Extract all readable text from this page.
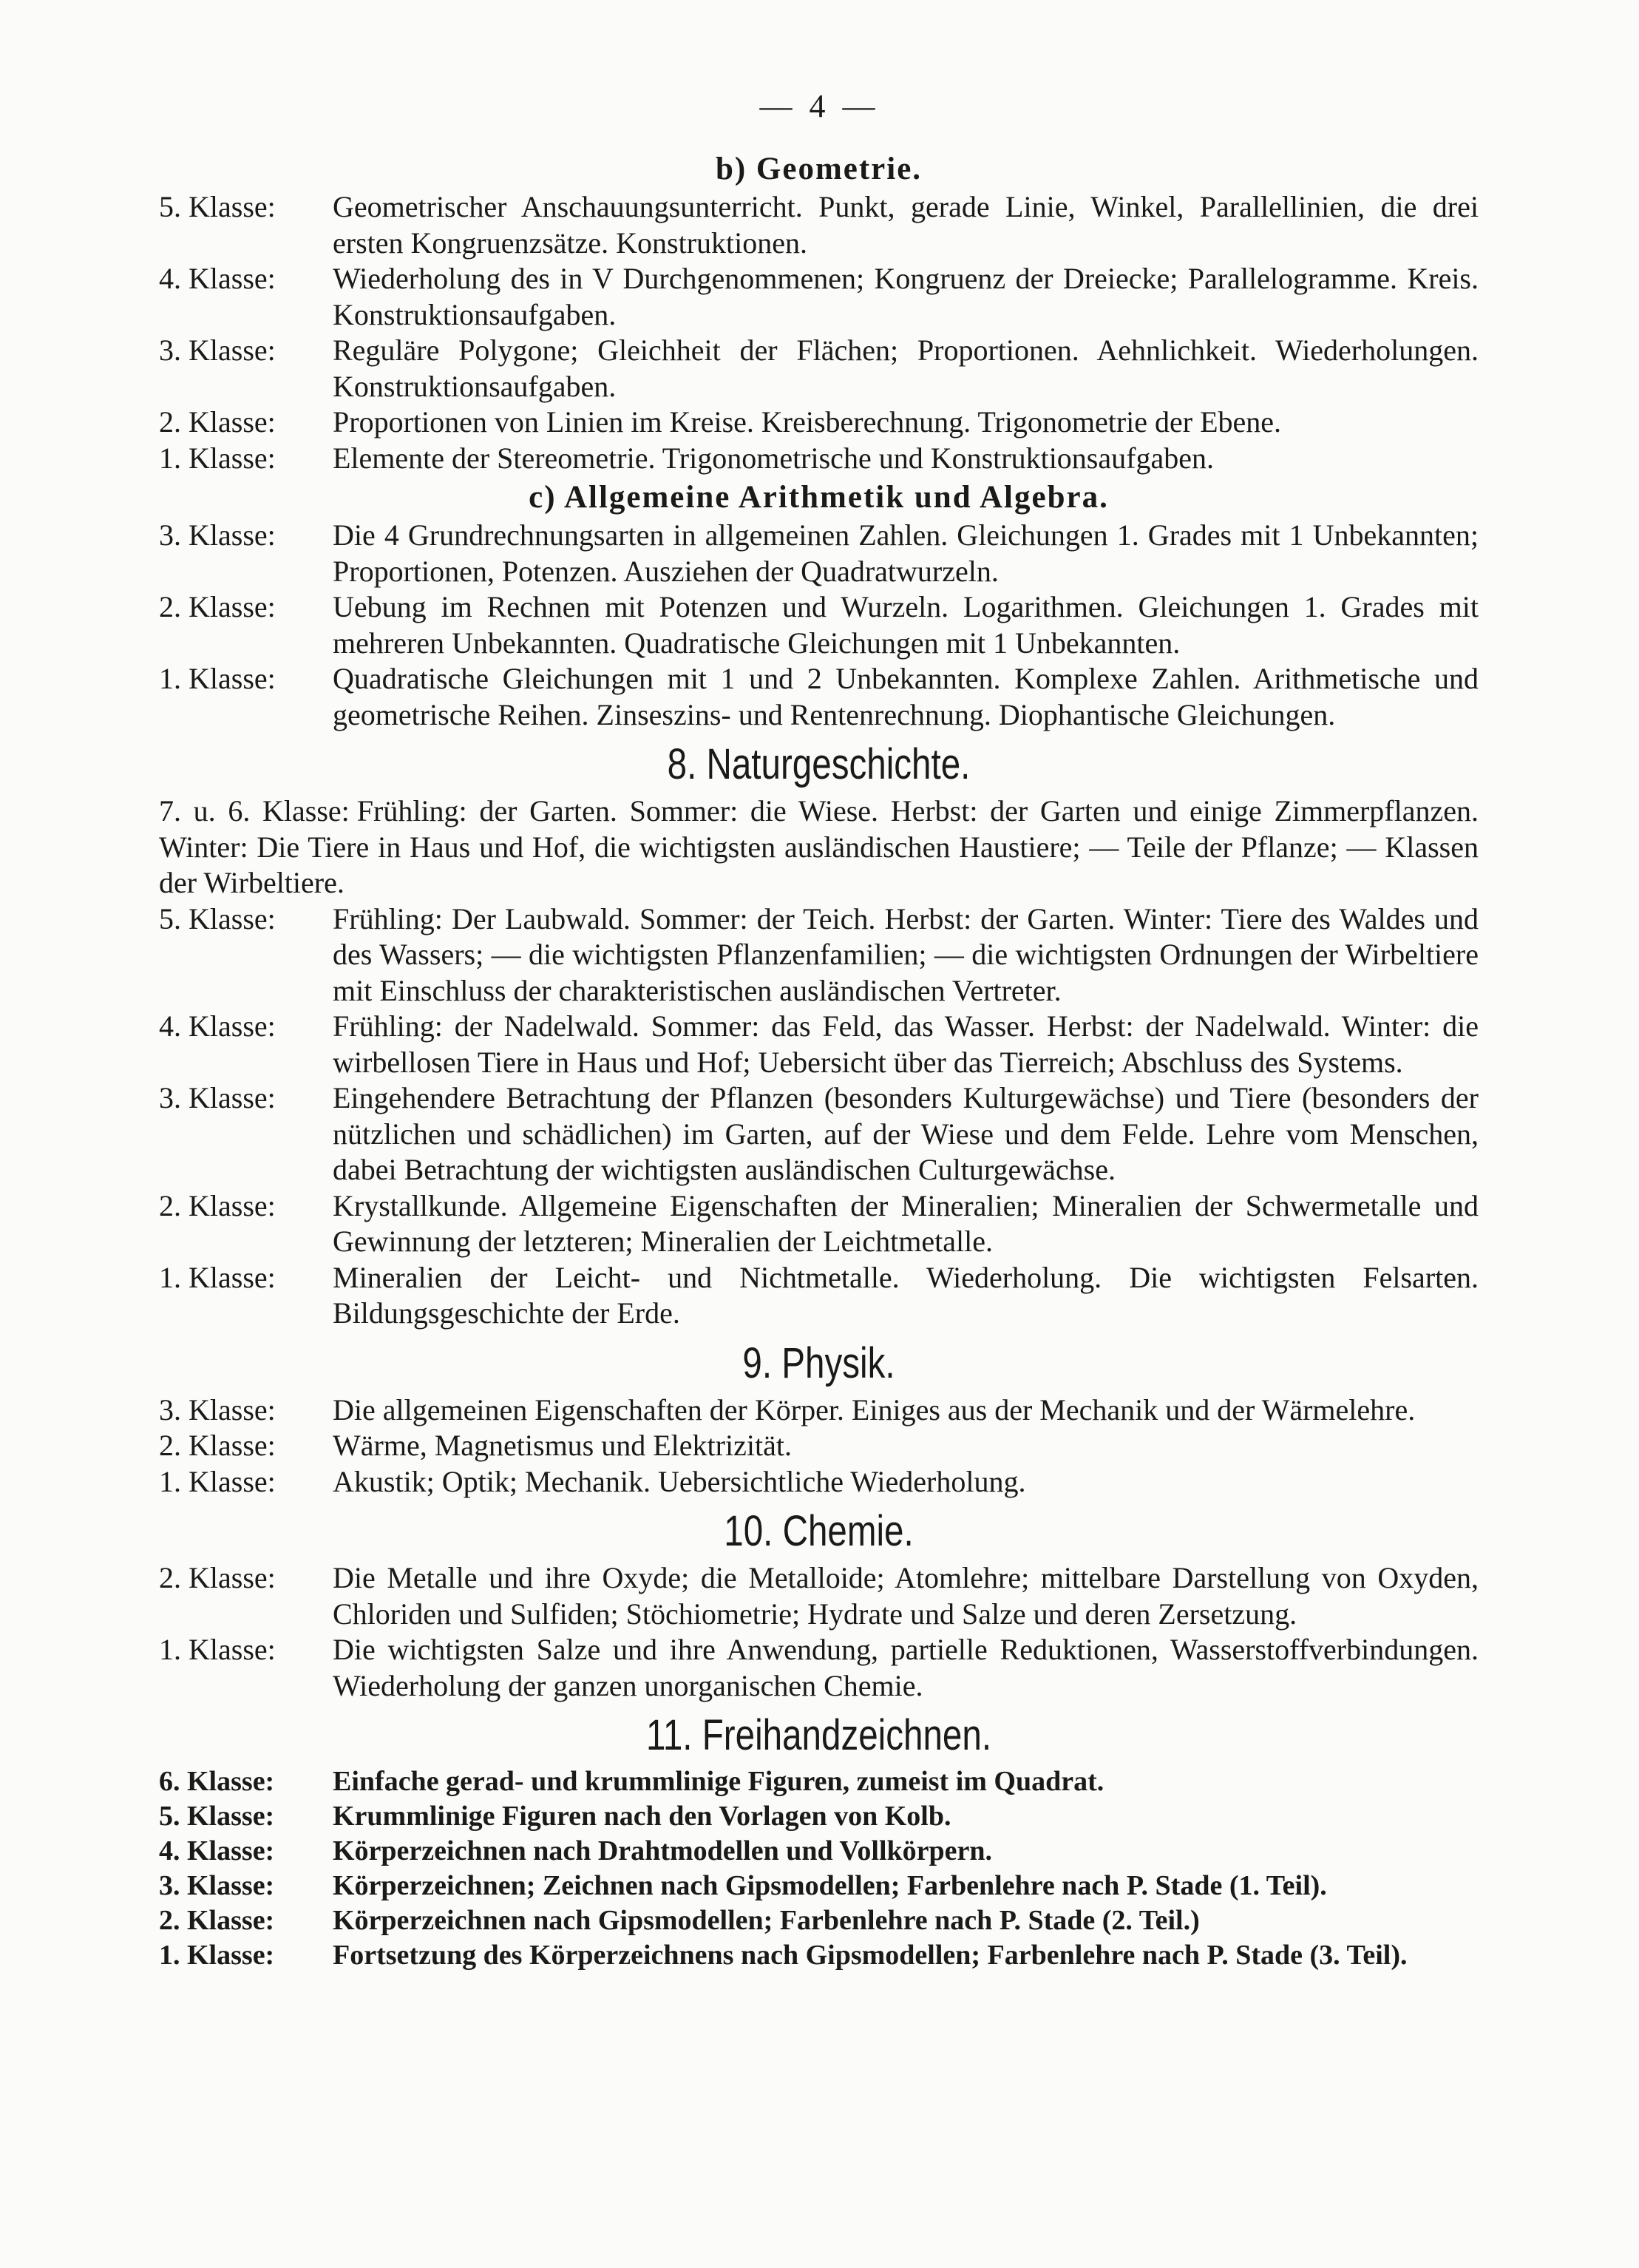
— 4 —
b) Geometrie.
5. Klasse:	Geometrischer Anschauungsunterricht. Punkt, gerade Linie, Winkel, Parallellinien, die drei ersten Kongruenzsätze. Konstruktionen.
4. Klasse:	Wiederholung des in V Durchgenommenen; Kongruenz der Dreiecke; Parallelogramme. Kreis. Konstruktionsaufgaben.
3. Klasse:	Reguläre Polygone; Gleichheit der Flächen; Proportionen. Aehnlichkeit. Wiederholungen. Konstruktionsaufgaben.
2. Klasse:	Proportionen von Linien im Kreise. Kreisberechnung. Trigonometrie der Ebene.
1. Klasse:	Elemente der Stereometrie. Trigonometrische und Konstruktionsaufgaben.
c) Allgemeine Arithmetik und Algebra.
3. Klasse:	Die 4 Grundrechnungsarten in allgemeinen Zahlen. Gleichungen 1. Grades mit 1 Unbekannten; Proportionen, Potenzen. Ausziehen der Quadratwurzeln.
2. Klasse:	Uebung im Rechnen mit Potenzen und Wurzeln. Logarithmen. Gleichungen 1. Grades mit mehreren Unbekannten. Quadratische Gleichungen mit 1 Unbekannten.
1. Klasse:	Quadratische Gleichungen mit 1 und 2 Unbekannten. Komplexe Zahlen. Arithmetische und geometrische Reihen. Zinseszins- und Rentenrechnung. Diophantische Gleichungen.
8. Naturgeschichte.
7. u. 6. Klasse: Frühling: der Garten. Sommer: die Wiese. Herbst: der Garten und einige Zimmerpflanzen. Winter: Die Tiere in Haus und Hof, die wichtigsten ausländischen Haustiere; — Teile der Pflanze; — Klassen der Wirbeltiere.
5. Klasse:	Frühling: Der Laubwald. Sommer: der Teich. Herbst: der Garten. Winter: Tiere des Waldes und des Wassers; — die wichtigsten Pflanzenfamilien; — die wichtigsten Ordnungen der Wirbeltiere mit Einschluss der charakteristischen ausländischen Vertreter.
4. Klasse:	Frühling: der Nadelwald. Sommer: das Feld, das Wasser. Herbst: der Nadelwald. Winter: die wirbellosen Tiere in Haus und Hof; Uebersicht über das Tierreich; Abschluss des Systems.
3. Klasse:	Eingehendere Betrachtung der Pflanzen (besonders Kulturgewächse) und Tiere (besonders der nützlichen und schädlichen) im Garten, auf der Wiese und dem Felde. Lehre vom Menschen, dabei Betrachtung der wichtigsten ausländischen Culturgewächse.
2. Klasse:	Krystallkunde. Allgemeine Eigenschaften der Mineralien; Mineralien der Schwermetalle und Gewinnung der letzteren; Mineralien der Leichtmetalle.
1. Klasse:	Mineralien der Leicht- und Nichtmetalle. Wiederholung. Die wichtigsten Felsarten. Bildungsgeschichte der Erde.
9. Physik.
3. Klasse:	Die allgemeinen Eigenschaften der Körper. Einiges aus der Mechanik und der Wärmelehre.
2. Klasse:	Wärme, Magnetismus und Elektrizität.
1. Klasse:	Akustik; Optik; Mechanik. Uebersichtliche Wiederholung.
10. Chemie.
2. Klasse:	Die Metalle und ihre Oxyde; die Metalloide; Atomlehre; mittelbare Darstellung von Oxyden, Chloriden und Sulfiden; Stöchiometrie; Hydrate und Salze und deren Zersetzung.
1. Klasse:	Die wichtigsten Salze und ihre Anwendung, partielle Reduktionen, Wasserstoffverbindungen. Wiederholung der ganzen unorganischen Chemie.
11. Freihandzeichnen.
6. Klasse:	Einfache gerad- und krummlinige Figuren, zumeist im Quadrat.
5. Klasse:	Krummlinige Figuren nach den Vorlagen von Kolb.
4. Klasse:	Körperzeichnen nach Drahtmodellen und Vollkörpern.
3. Klasse:	Körperzeichnen; Zeichnen nach Gipsmodellen; Farbenlehre nach P. Stade (1. Teil).
2. Klasse:	Körperzeichnen nach Gipsmodellen; Farbenlehre nach P. Stade (2. Teil.)
1. Klasse:	Fortsetzung des Körperzeichnens nach Gipsmodellen; Farbenlehre nach P. Stade (3. Teil).
